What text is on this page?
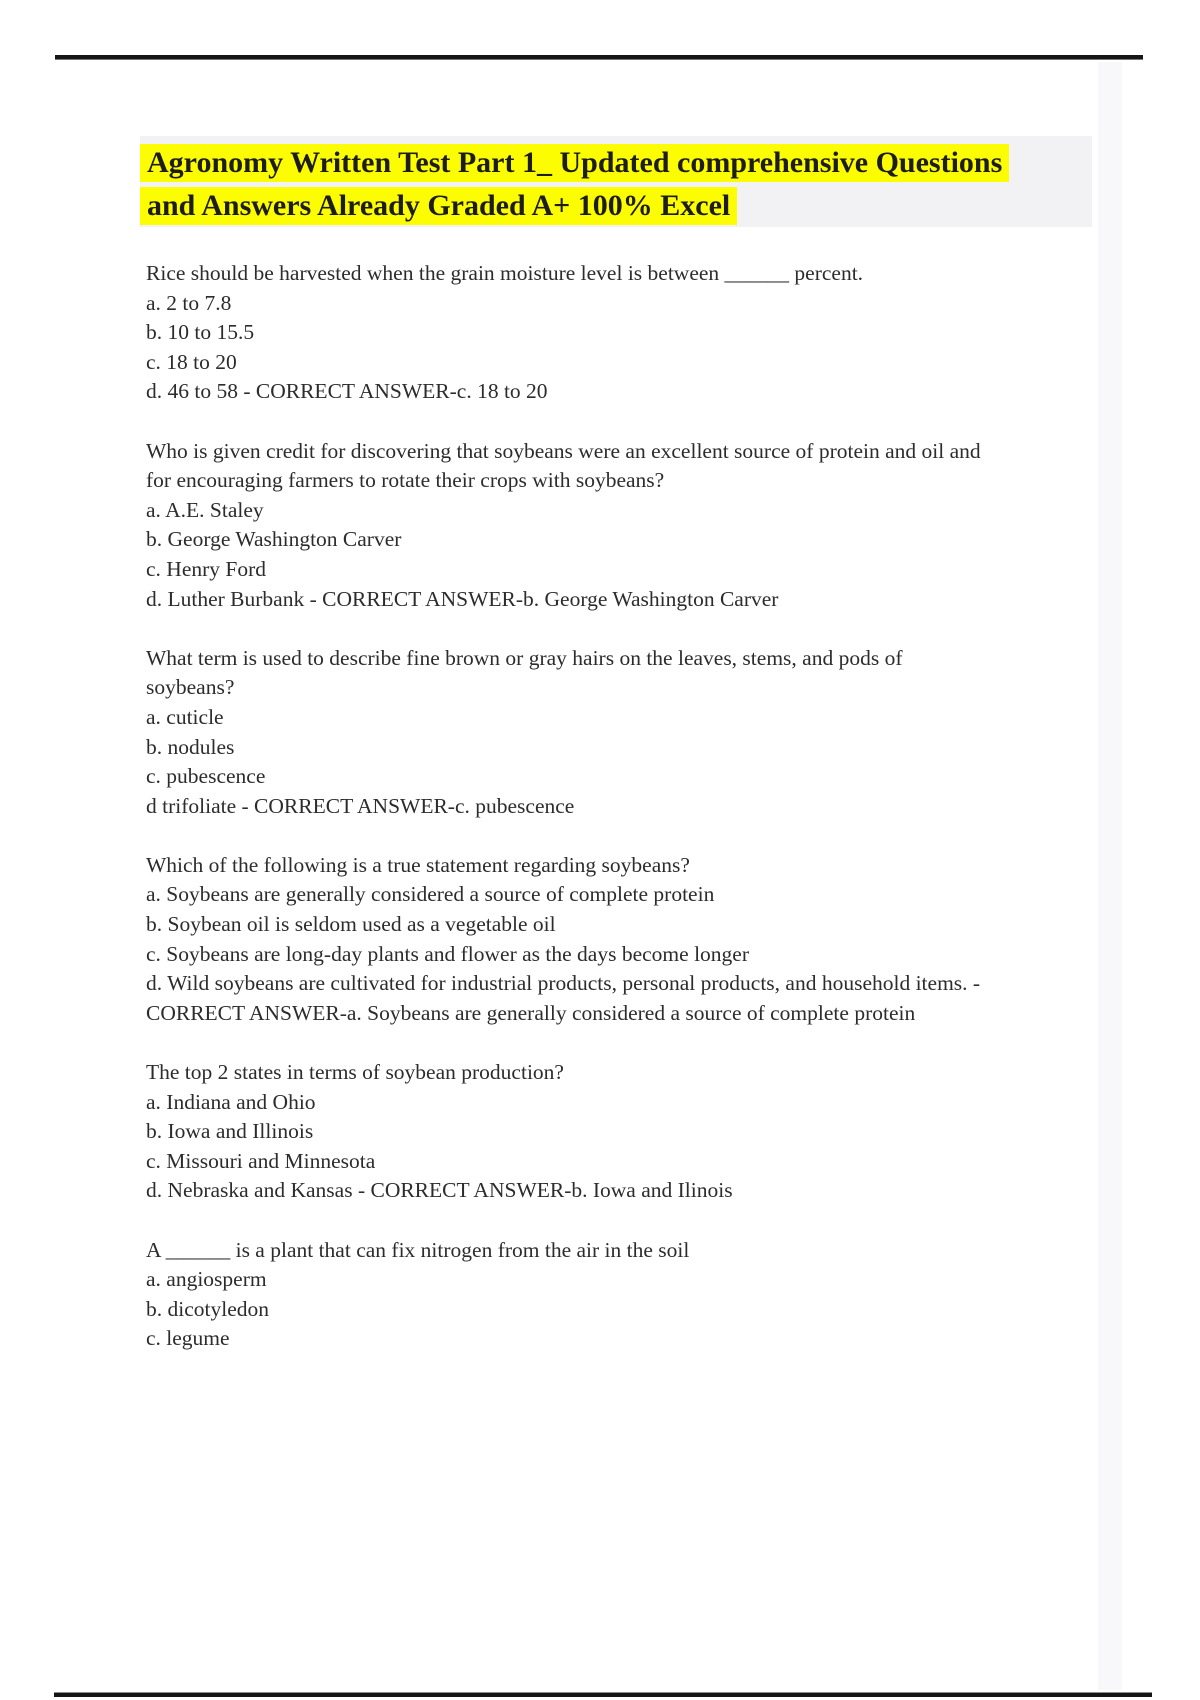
Agronomy Written Test Part 1_ Updated comprehensive Questions
and Answers Already Graded A+ 100% Excel
Rice should be harvested when the grain moisture level is between ______ percent.
a. 2 to 7.8
b. 10 to 15.5
c. 18 to 20
d. 46 to 58 - CORRECT ANSWER-c. 18 to 20
Who is given credit for discovering that soybeans were an excellent source of protein and oil and
for encouraging farmers to rotate their crops with soybeans?
a. A.E. Staley
b. George Washington Carver
c. Henry Ford
d. Luther Burbank - CORRECT ANSWER-b. George Washington Carver
What term is used to describe fine brown or gray hairs on the leaves, stems, and pods of
soybeans?
a. cuticle
b. nodules
c. pubescence
d trifoliate - CORRECT ANSWER-c. pubescence
Which of the following is a true statement regarding soybeans?
a. Soybeans are generally considered a source of complete protein
b. Soybean oil is seldom used as a vegetable oil
c. Soybeans are long-day plants and flower as the days become longer
d. Wild soybeans are cultivated for industrial products, personal products, and household items. -
CORRECT ANSWER-a. Soybeans are generally considered a source of complete protein
The top 2 states in terms of soybean production?
a. Indiana and Ohio
b. Iowa and Illinois
c. Missouri and Minnesota
d. Nebraska and Kansas - CORRECT ANSWER-b. Iowa and Ilinois
A ______ is a plant that can fix nitrogen from the air in the soil
a. angiosperm
b. dicotyledon
c. legume
